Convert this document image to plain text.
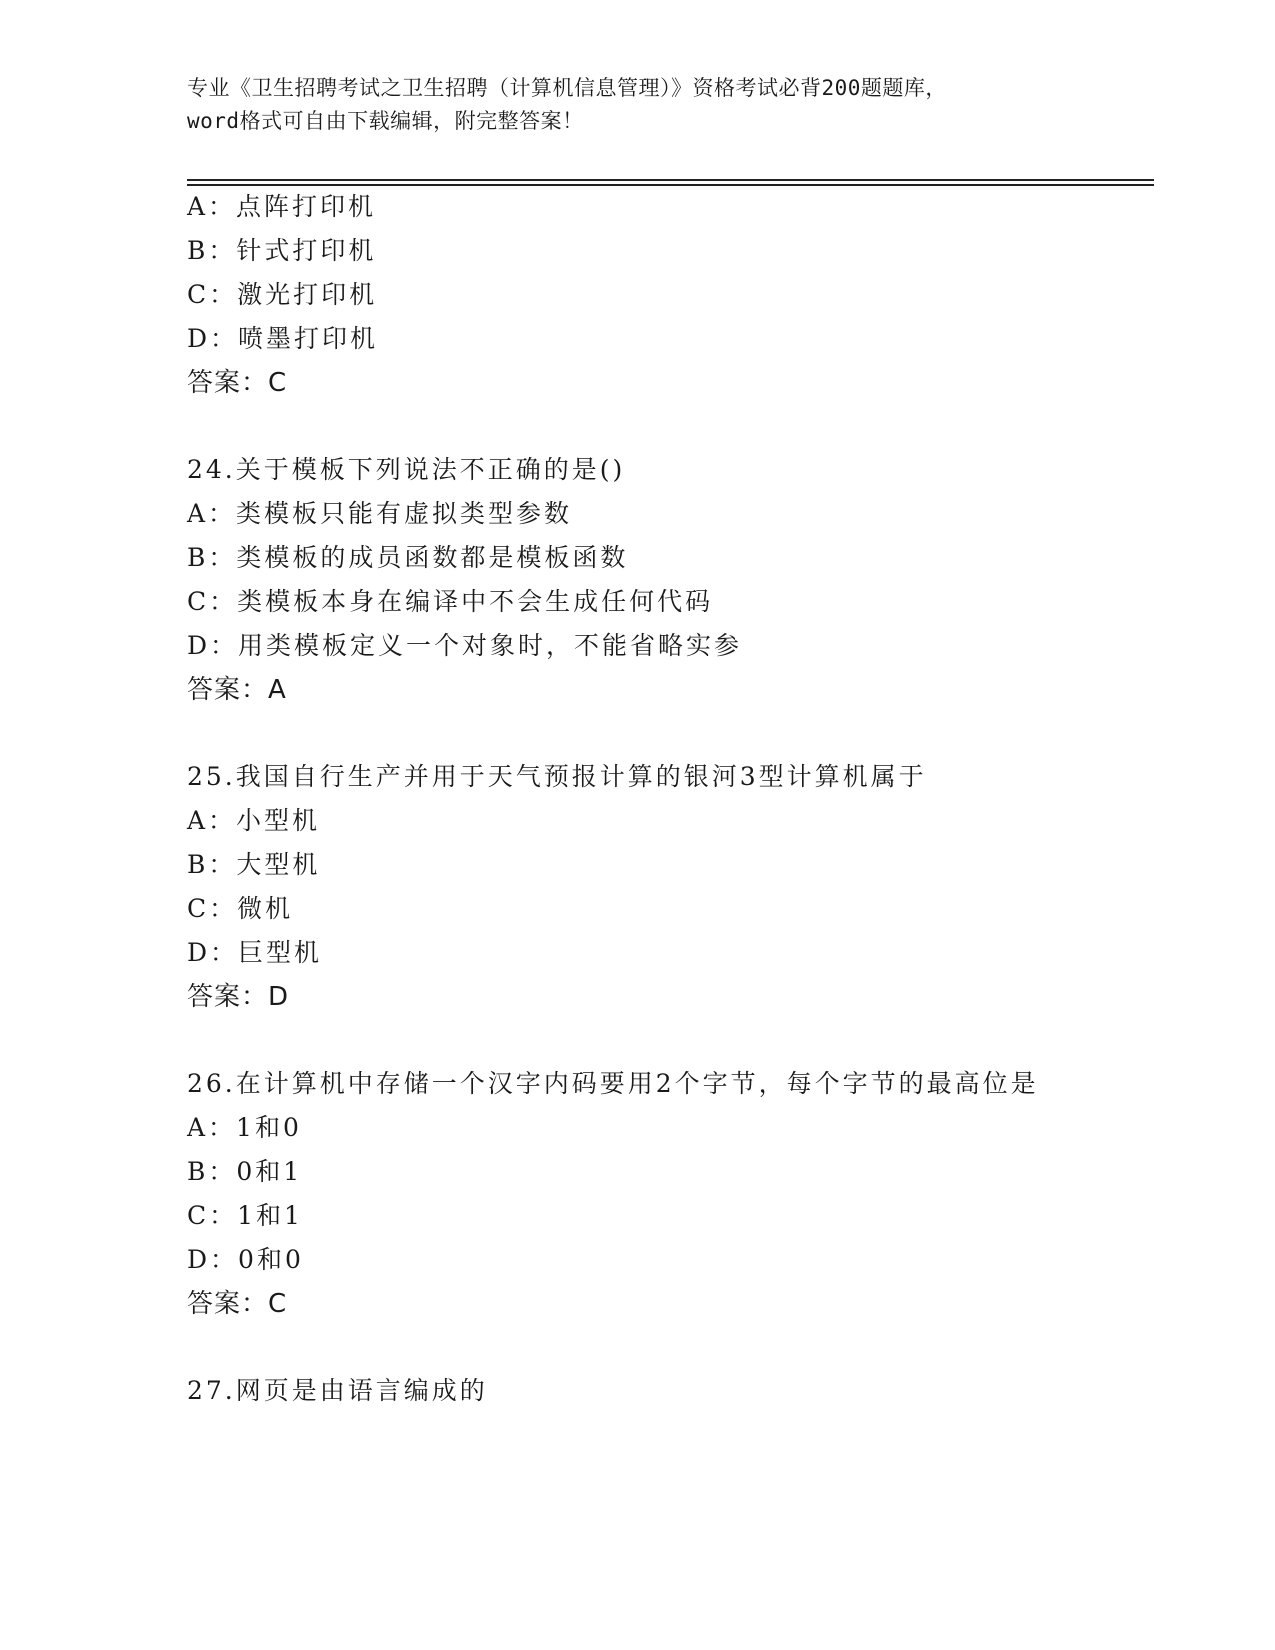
专业《卫生招聘考试之卫生招聘（计算机信息管理）》资格考试必背200题题库，
word格式可自由下载编辑，附完整答案！
A：点阵打印机
B：针式打印机
C：激光打印机
D：喷墨打印机
答案：C
24.关于模板下列说法不正确的是()
A：类模板只能有虚拟类型参数
B：类模板的成员函数都是模板函数
C：类模板本身在编译中不会生成任何代码
D：用类模板定义一个对象时，不能省略实参
答案：A
25.我国自行生产并用于天气预报计算的银河3型计算机属于
A：小型机
B：大型机
C：微机
D：巨型机
答案：D
26.在计算机中存储一个汉字内码要用2个字节，每个字节的最高位是
A：1和0
B：0和1
C：1和1
D：0和0
答案：C
27.网页是由语言编成的
